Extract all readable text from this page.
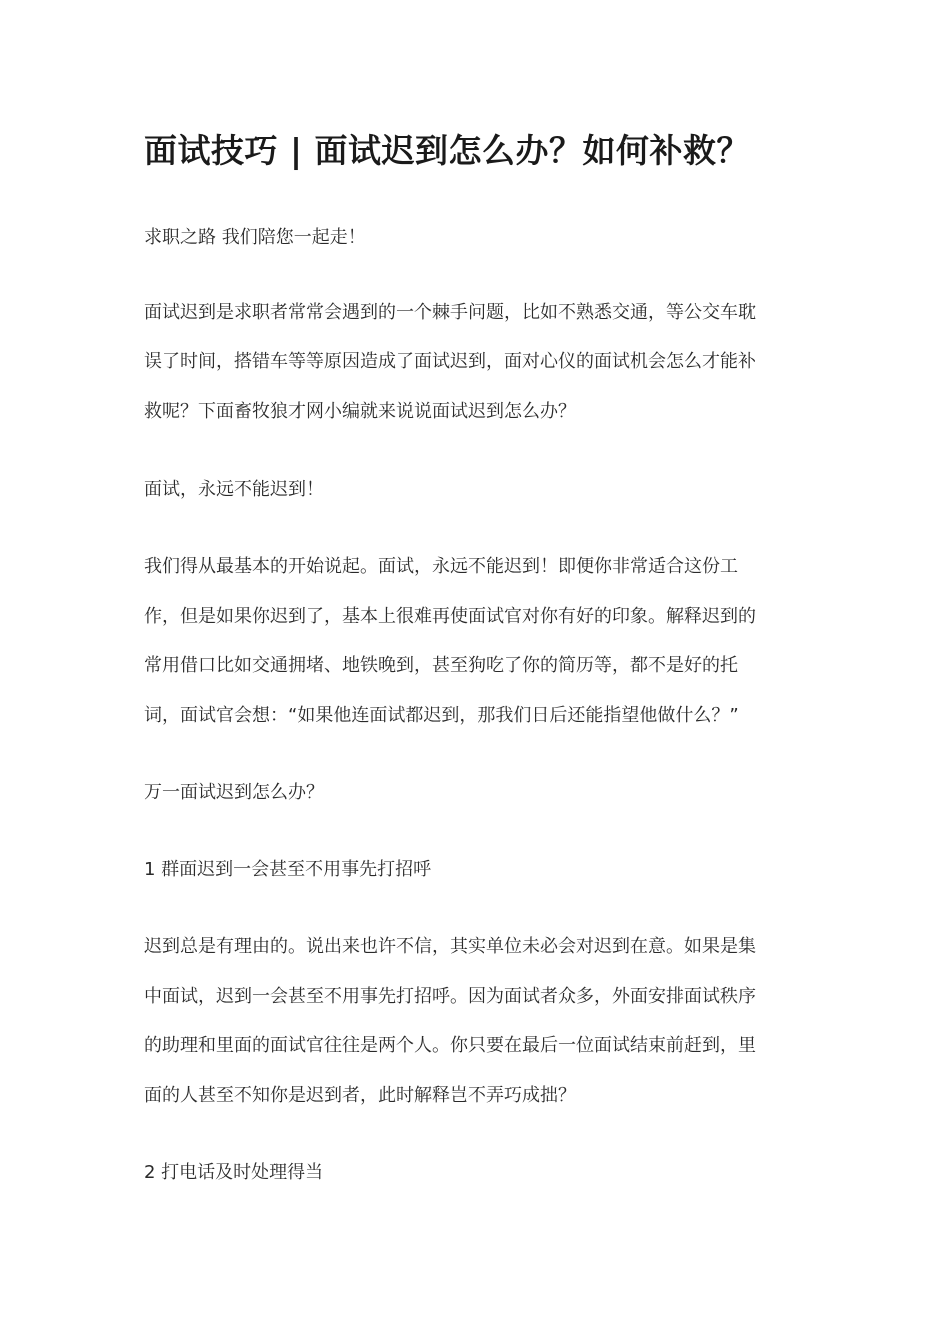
面试技巧 | 面试迟到怎么办？如何补救？

求职之路 我们陪您一起走！

面试迟到是求职者常常会遇到的一个棘手问题，比如不熟悉交通，等公交车耽

误了时间，搭错车等等原因造成了面试迟到，面对心仪的面试机会怎么才能补

救呢？下面畜牧狼才网小编就来说说面试迟到怎么办？

面试，永远不能迟到！

我们得从最基本的开始说起。面试，永远不能迟到！即便你非常适合这份工

作，但是如果你迟到了，基本上很难再使面试官对你有好的印象。解释迟到的

常用借口比如交通拥堵、地铁晚到，甚至狗吃了你的简历等，都不是好的托

词，面试官会想：“如果他连面试都迟到，那我们日后还能指望他做什么？”

万一面试迟到怎么办？

1 群面迟到一会甚至不用事先打招呼

迟到总是有理由的。说出来也许不信，其实单位未必会对迟到在意。如果是集

中面试，迟到一会甚至不用事先打招呼。因为面试者众多，外面安排面试秩序

的助理和里面的面试官往往是两个人。你只要在最后一位面试结束前赶到，里

面的人甚至不知你是迟到者，此时解释岂不弄巧成拙？

2 打电话及时处理得当
